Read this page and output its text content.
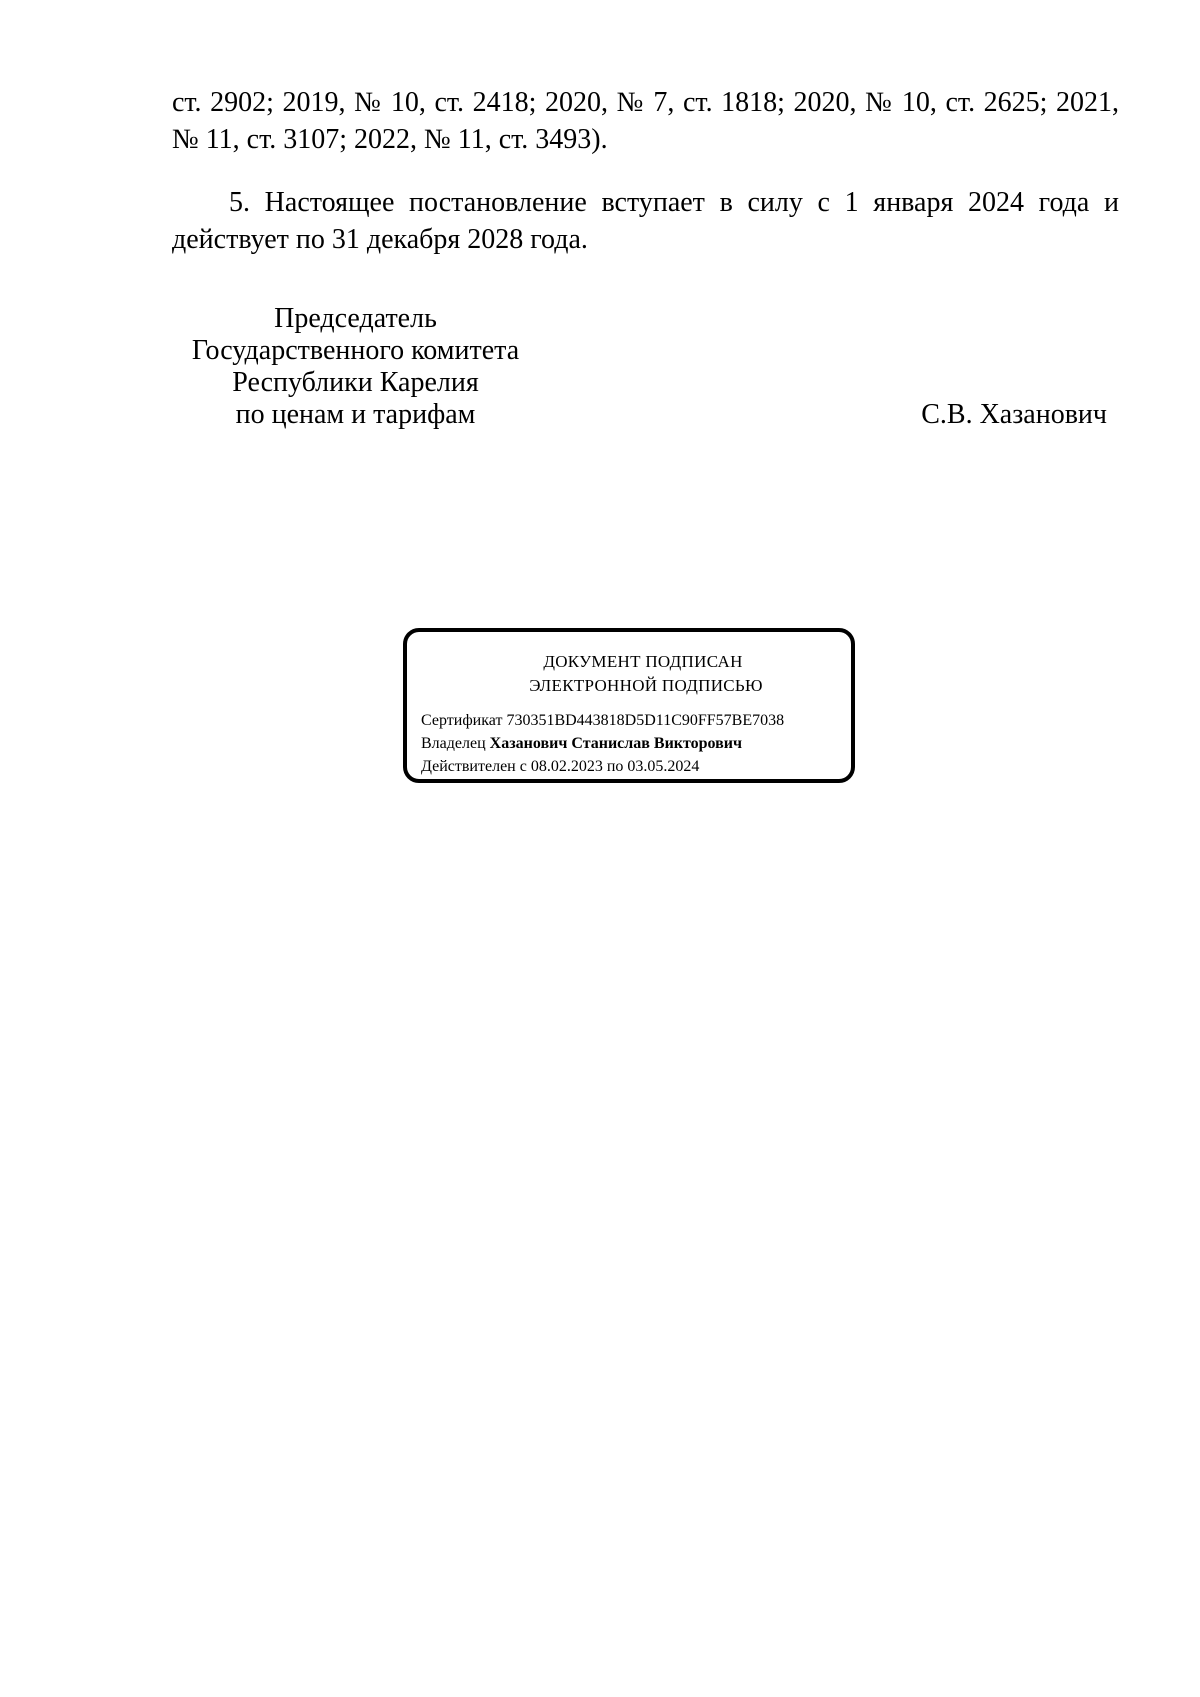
ст. 2902; 2019, № 10, ст. 2418; 2020, № 7, ст. 1818; 2020, № 10, ст. 2625; 2021,
№ 11, ст. 3107; 2022, № 11, ст. 3493).
5. Настоящее постановление вступает в силу с 1 января 2024 года и
действует по 31 декабря 2028 года.
Председатель
Государственного комитета
Республики Карелия
по ценам и тарифам	С.В. Хазанович
ДОКУМЕНТ ПОДПИСАН
ЭЛЕКТРОННОЙ ПОДПИСЬЮ
Сертификат 730351BD443818D5D11C90FF57BE7038
Владелец Хазанович Станислав Викторович
Действителен с 08.02.2023 по 03.05.2024
